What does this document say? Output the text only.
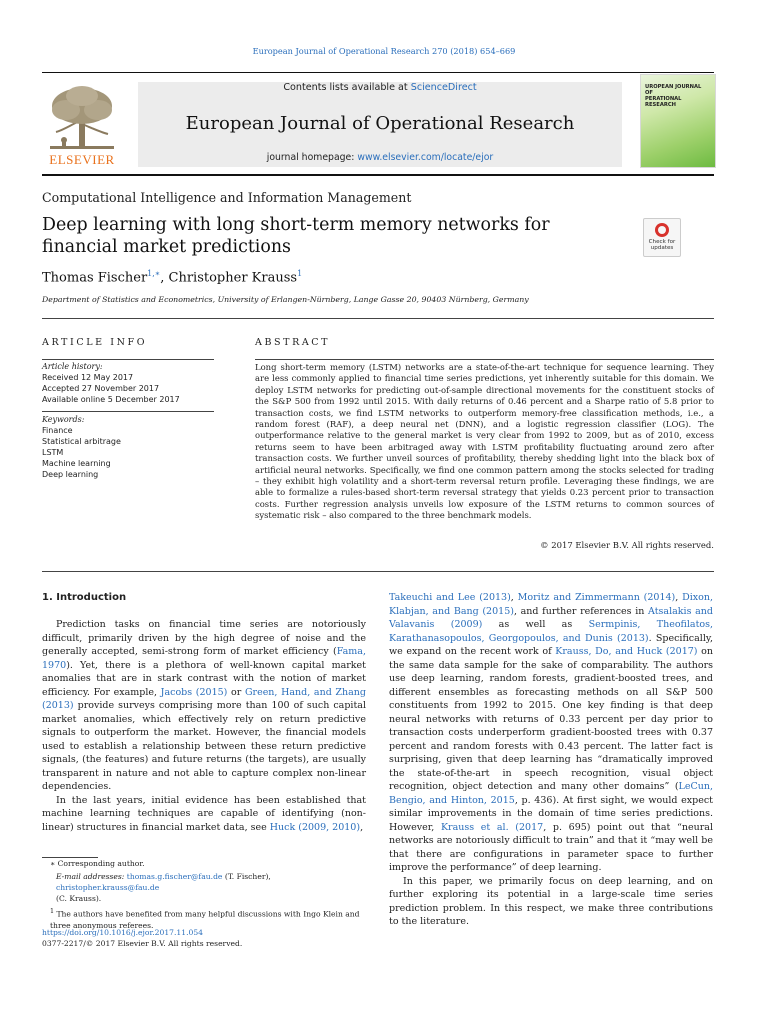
European Journal of Operational Research 270 (2018) 654–669
ELSEVIER
Contents lists available at ScienceDirect
European Journal of Operational Research
journal homepage: www.elsevier.com/locate/ejor
UROPEAN JOURNAL OF
PERATIONAL RESEARCH
Computational Intelligence and Information Management
Deep learning with long short-term memory networks for financial market predictions	Check for updates
Thomas Fischer$^{1,∗}$, Christopher Krauss$^1$
Department of Statistics and Econometrics, University of Erlangen-Nürnberg, Lange Gasse 20, 90403 Nürnberg, Germany
ARTICLE INFO
Article history:
Received 12 May 2017
Accepted 27 November 2017
Available online 5 December 2017
Keywords:
Finance
Statistical arbitrage
LSTM
Machine learning
Deep learning
ABSTRACT
Long short-term memory (LSTM) networks are a state-of-the-art technique for sequence learning. They are less commonly applied to financial time series predictions, yet inherently suitable for this domain. We deploy LSTM networks for predicting out-of-sample directional movements for the constituent stocks of the S&P 500 from 1992 until 2015. With daily returns of 0.46 percent and a Sharpe ratio of 5.8 prior to transaction costs, we find LSTM networks to outperform memory-free classification methods, i.e., a random forest (RAF), a deep neural net (DNN), and a logistic regression classifier (LOG). The outperformance relative to the general market is very clear from 1992 to 2009, but as of 2010, excess returns seem to have been arbitraged away with LSTM profitability fluctuating around zero after transaction costs. We further unveil sources of profitability, thereby shedding light into the black box of artificial neural networks. Specifically, we find one common pattern among the stocks selected for trading – they exhibit high volatility and a short-term reversal return profile. Leveraging these findings, we are able to formalize a rules-based short-term reversal strategy that yields 0.23 percent prior to transaction costs. Further regression analysis unveils low exposure of the LSTM returns to common sources of systematic risk – also compared to the three benchmark models.
© 2017 Elsevier B.V. All rights reserved.
1. Introduction

Prediction tasks on financial time series are notoriously difficult, primarily driven by the high degree of noise and the generally accepted, semi-strong form of market efficiency (Fama, 1970). Yet, there is a plethora of well-known capital market anomalies that are in stark contrast with the notion of market efficiency. For example, Jacobs (2015) or Green, Hand, and Zhang (2013) provide surveys comprising more than 100 of such capital market anomalies, which effectively rely on return predictive signals to outperform the market. However, the financial models used to establish a relationship between these return predictive signals, (the features) and future returns (the targets), are usually transparent in nature and not able to capture complex non-linear dependencies.

In the last years, initial evidence has been established that machine learning techniques are capable of identifying (non-linear) structures in financial market data, see Huck (2009, 2010),

Takeuchi and Lee (2013), Moritz and Zimmermann (2014), Dixon, Klabjan, and Bang (2015), and further references in Atsalakis and Valavanis (2009) as well as Sermpinis, Theofilatos, Karathanasopoulos, Georgopoulos, and Dunis (2013). Specifically, we expand on the recent work of Krauss, Do, and Huck (2017) on the same data sample for the sake of comparability. The authors use deep learning, random forests, gradient-boosted trees, and different ensembles as forecasting methods on all S&P 500 constituents from 1992 to 2015. One key finding is that deep neural networks with returns of 0.33 percent per day prior to transaction costs underperform gradient-boosted trees with 0.37 percent and random forests with 0.43 percent. The latter fact is surprising, given that deep learning has “dramatically improved the state-of-the-art in speech recognition, visual object recognition, object detection and many other domains” (LeCun, Bengio, and Hinton, 2015, p. 436). At first sight, we would expect similar improvements in the domain of time series predictions. However, Krauss et al. (2017, p. 695) point out that “neural networks are notoriously difficult to train” and that it “may well be that there are configurations in parameter space to further improve the performance” of deep learning.

In this paper, we primarily focus on deep learning, and on further exploring its potential in a large-scale time series prediction problem. In this respect, we make three contributions to the literature.

∗ Corresponding author.
E-mail addresses: thomas.g.fischer@fau.de (T. Fischer), christopher.krauss@fau.de
(C. Krauss).
$^1$ The authors have benefited from many helpful discussions with Ingo Klein and three anonymous referees.
https://doi.org/10.1016/j.ejor.2017.11.054
0377-2217/© 2017 Elsevier B.V. All rights reserved.
